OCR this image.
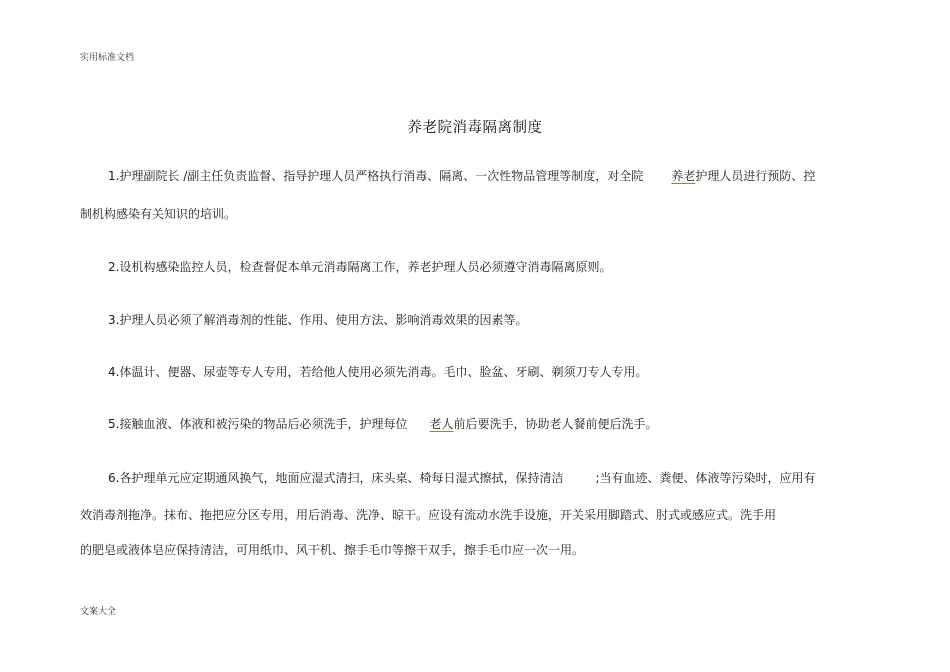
实用标准文档
养老院消毒隔离制度
1.护理副院长 /副主任负责监督、指导护理人员严格执行消毒、隔离、一次性物品管理等制度，对全院 养老护理人员进行预防、控
制机构感染有关知识的培训。
2.设机构感染监控人员，检查督促本单元消毒隔离工作，养老护理人员必须遵守消毒隔离原则。
3.护理人员必须了解消毒剂的性能、作用、使用方法、影响消毒效果的因素等。
4.体温计、便器、尿壶等专人专用，若给他人使用必须先消毒。毛巾、脸盆、牙刷、剃须刀专人专用。
5.接触血液、体液和被污染的物品后必须洗手，护理每位 老人前后要洗手，协助老人餐前便后洗手。
6.各护理单元应定期通风换气，地面应湿式清扫，床头桌、椅每日湿式擦拭，保持清洁	;当有血迹、粪便、体液等污染时，应用有
效消毒剂拖净。抹布、拖把应分区专用，用后消毒、洗净、晾干。应设有流动水洗手设施，开关采用脚踏式、肘式或感应式。洗手用
的肥皂或液体皂应保持清洁，可用纸巾、风干机、擦手毛巾等擦干双手，擦手毛巾应一次一用。
文案大全
